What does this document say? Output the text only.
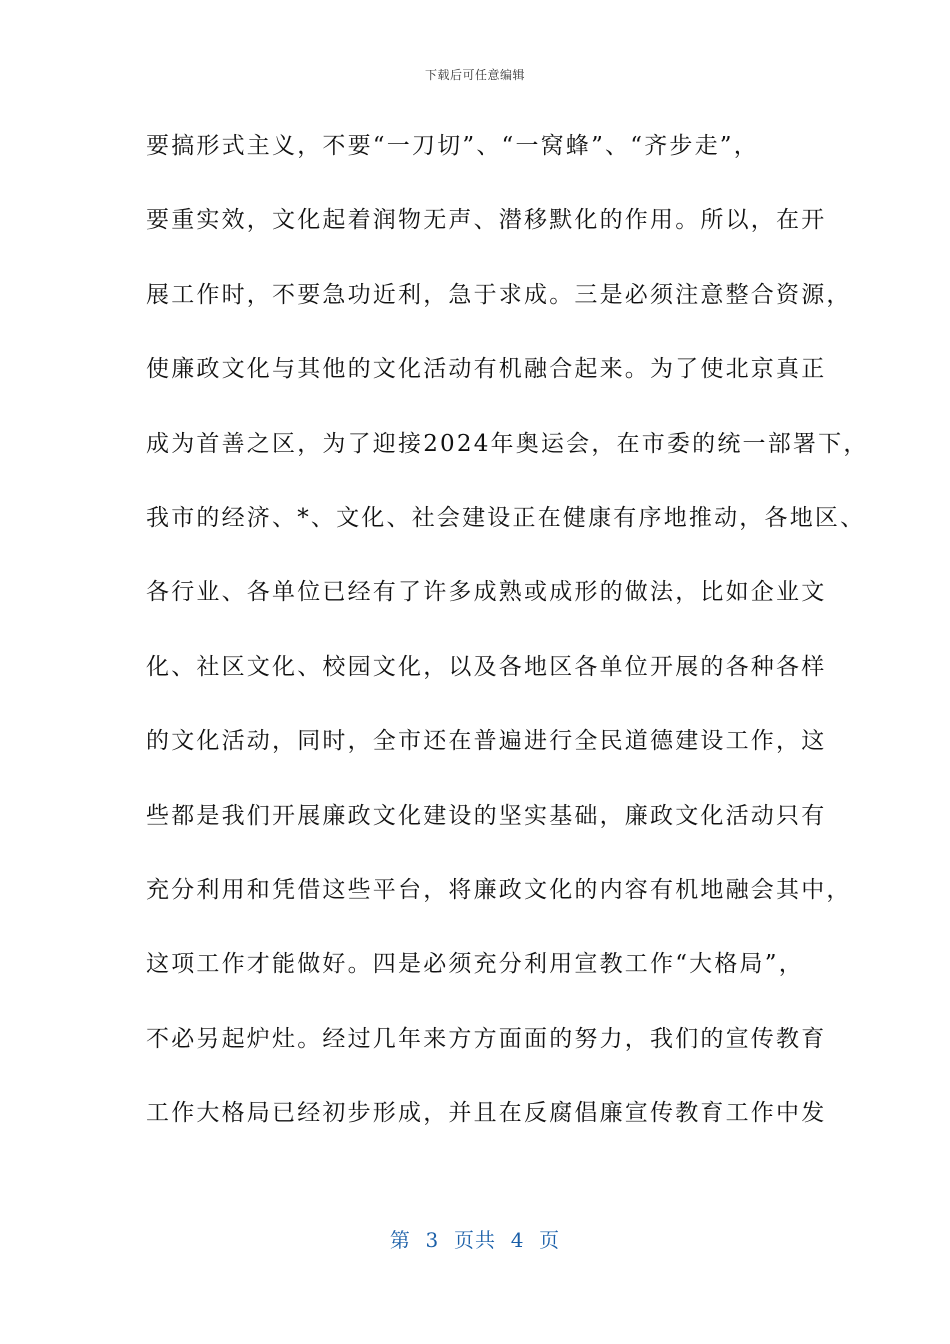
下载后可任意编辑
要搞形式主义，不要“一刀切”、“一窝蜂”、“齐步走”，
要重实效，文化起着润物无声、潜移默化的作用。所以，在开
展工作时，不要急功近利，急于求成。三是必须注意整合资源，
使廉政文化与其他的文化活动有机融合起来。为了使北京真正
成为首善之区，为了迎接2024年奥运会，在市委的统一部署下，
我市的经济、*、文化、社会建设正在健康有序地推动，各地区、
各行业、各单位已经有了许多成熟或成形的做法，比如企业文
化、社区文化、校园文化，以及各地区各单位开展的各种各样
的文化活动，同时，全市还在普遍进行全民道德建设工作，这
些都是我们开展廉政文化建设的坚实基础，廉政文化活动只有
充分利用和凭借这些平台，将廉政文化的内容有机地融会其中，
这项工作才能做好。四是必须充分利用宣教工作“大格局”，
不必另起炉灶。经过几年来方方面面的努力，我们的宣传教育
工作大格局已经初步形成，并且在反腐倡廉宣传教育工作中发
第  3  页共  4  页
